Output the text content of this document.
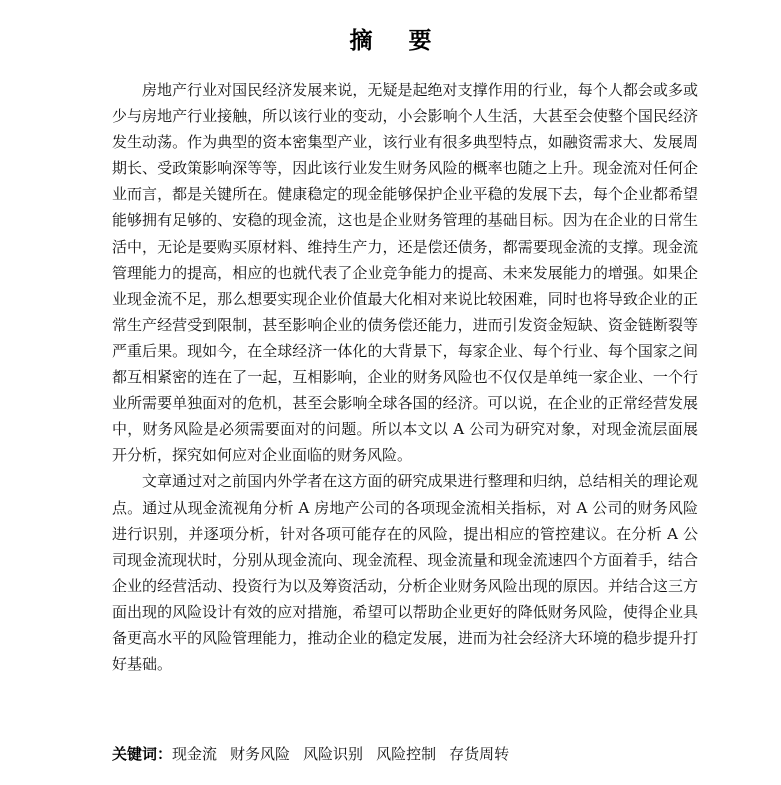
摘 要

房地产行业对国民经济发展来说，无疑是起绝对支撑作用的行业，每个人都会或多或少与房地产行业接触，所以该行业的变动，小会影响个人生活，大甚至会使整个国民经济发生动荡。作为典型的资本密集型产业，该行业有很多典型特点，如融资需求大、发展周期长、受政策影响深等等，因此该行业发生财务风险的概率也随之上升。现金流对任何企业而言，都是关键所在。健康稳定的现金能够保护企业平稳的发展下去，每个企业都希望能够拥有足够的、安稳的现金流，这也是企业财务管理的基础目标。因为在企业的日常生活中，无论是要购买原材料、维持生产力，还是偿还债务，都需要现金流的支撑。现金流管理能力的提高，相应的也就代表了企业竞争能力的提高、未来发展能力的增强。如果企业现金流不足，那么想要实现企业价值最大化相对来说比较困难，同时也将导致企业的正常生产经营受到限制，甚至影响企业的债务偿还能力，进而引发资金短缺、资金链断裂等严重后果。现如今，在全球经济一体化的大背景下，每家企业、每个行业、每个国家之间都互相紧密的连在了一起，互相影响，企业的财务风险也不仅仅是单纯一家企业、一个行业所需要单独面对的危机，甚至会影响全球各国的经济。可以说，在企业的正常经营发展中，财务风险是必须需要面对的问题。所以本文以 A 公司为研究对象，对现金流层面展开分析，探究如何应对企业面临的财务风险。

文章通过对之前国内外学者在这方面的研究成果进行整理和归纳，总结相关的理论观点。通过从现金流视角分析 A 房地产公司的各项现金流相关指标，对 A 公司的财务风险进行识别，并逐项分析，针对各项可能存在的风险，提出相应的管控建议。在分析 A 公司现金流现状时，分别从现金流向、现金流程、现金流量和现金流速四个方面着手，结合企业的经营活动、投资行为以及筹资活动，分析企业财务风险出现的原因。并结合这三方面出现的风险设计有效的应对措施，希望可以帮助企业更好的降低财务风险，使得企业具备更高水平的风险管理能力，推动企业的稳定发展，进而为社会经济大环境的稳步提升打好基础。

关键词：现金流 财务风险 风险识别 风险控制 存货周转
